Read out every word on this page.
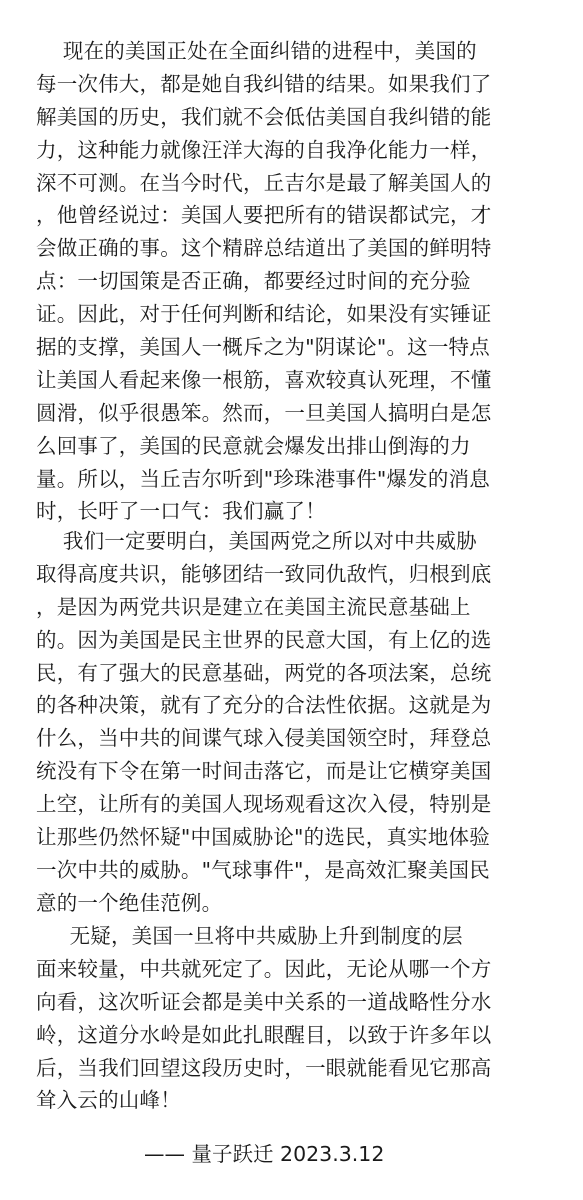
现在的美国正处在全面纠错的进程中，美国的
每一次伟大，都是她自我纠错的结果。如果我们了
解美国的历史，我们就不会低估美国自我纠错的能
力，这种能力就像汪洋大海的自我净化能力一样，
深不可测。在当今时代，丘吉尔是最了解美国人的
，他曾经说过：美国人要把所有的错误都试完，才
会做正确的事。这个精辟总结道出了美国的鲜明特
点：一切国策是否正确，都要经过时间的充分验
证。因此，对于任何判断和结论，如果没有实锤证
据的支撑，美国人一概斥之为"阴谋论"。这一特点
让美国人看起来像一根筋，喜欢较真认死理，不懂
圆滑，似乎很愚笨。然而，一旦美国人搞明白是怎
么回事了，美国的民意就会爆发出排山倒海的力
量。所以，当丘吉尔听到"珍珠港事件"爆发的消息
时，长吁了一口气：我们赢了！
我们一定要明白，美国两党之所以对中共威胁
取得高度共识，能够团结一致同仇敌忾，归根到底
，是因为两党共识是建立在美国主流民意基础上
的。因为美国是民主世界的民意大国，有上亿的选
民，有了强大的民意基础，两党的各项法案，总统
的各种决策，就有了充分的合法性依据。这就是为
什么，当中共的间谍气球入侵美国领空时，拜登总
统没有下令在第一时间击落它，而是让它横穿美国
上空，让所有的美国人现场观看这次入侵，特别是
让那些仍然怀疑"中国威胁论"的选民，真实地体验
一次中共的威胁。"气球事件"，是高效汇聚美国民
意的一个绝佳范例。
无疑，美国一旦将中共威胁上升到制度的层
面来较量，中共就死定了。因此，无论从哪一个方
向看，这次听证会都是美中关系的一道战略性分水
岭，这道分水岭是如此扎眼醒目，以致于许多年以
后，当我们回望这段历史时，一眼就能看见它那高
耸入云的山峰！
—— 量子跃迁 2023.3.12
